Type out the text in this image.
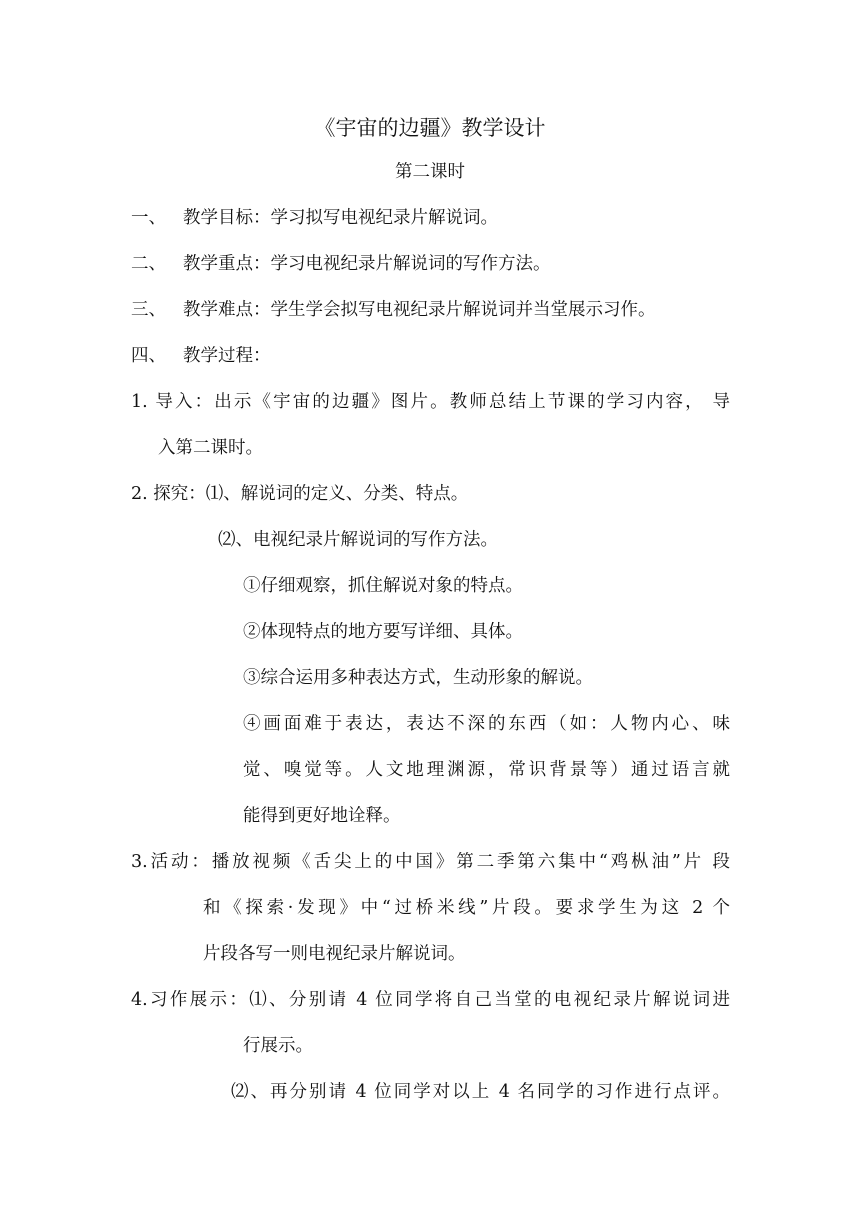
《宇宙的边疆》教学设计
第二课时
一、 教学目标：学习拟写电视纪录片解说词。
二、 教学重点：学习电视纪录片解说词的写作方法。
三、 教学难点：学生学会拟写电视纪录片解说词并当堂展示习作。
四、 教学过程：
1. 导入：出示《宇宙的边疆》图片。教师总结上节课的学习内容， 导
入第二课时。
2. 探究：⑴、解说词的定义、分类、特点。
⑵、电视纪录片解说词的写作方法。
①仔细观察，抓住解说对象的特点。
②体现特点的地方要写详细、具体。
③综合运用多种表达方式，生动形象的解说。
④画面难于表达，表达不深的东西（如：人物内心、味
觉、嗅觉等。人文地理渊源，常识背景等）通过语言就
能得到更好地诠释。
3.活动：播放视频《舌尖上的中国》第二季第六集中“鸡枞油”片 段
和《探索·发现》中“过桥米线”片段。要求学生为这 2 个
片段各写一则电视纪录片解说词。
4.习作展示：⑴、分别请 4 位同学将自己当堂的电视纪录片解说词进
行展示。
⑵、再分别请 4 位同学对以上 4 名同学的习作进行点评。
